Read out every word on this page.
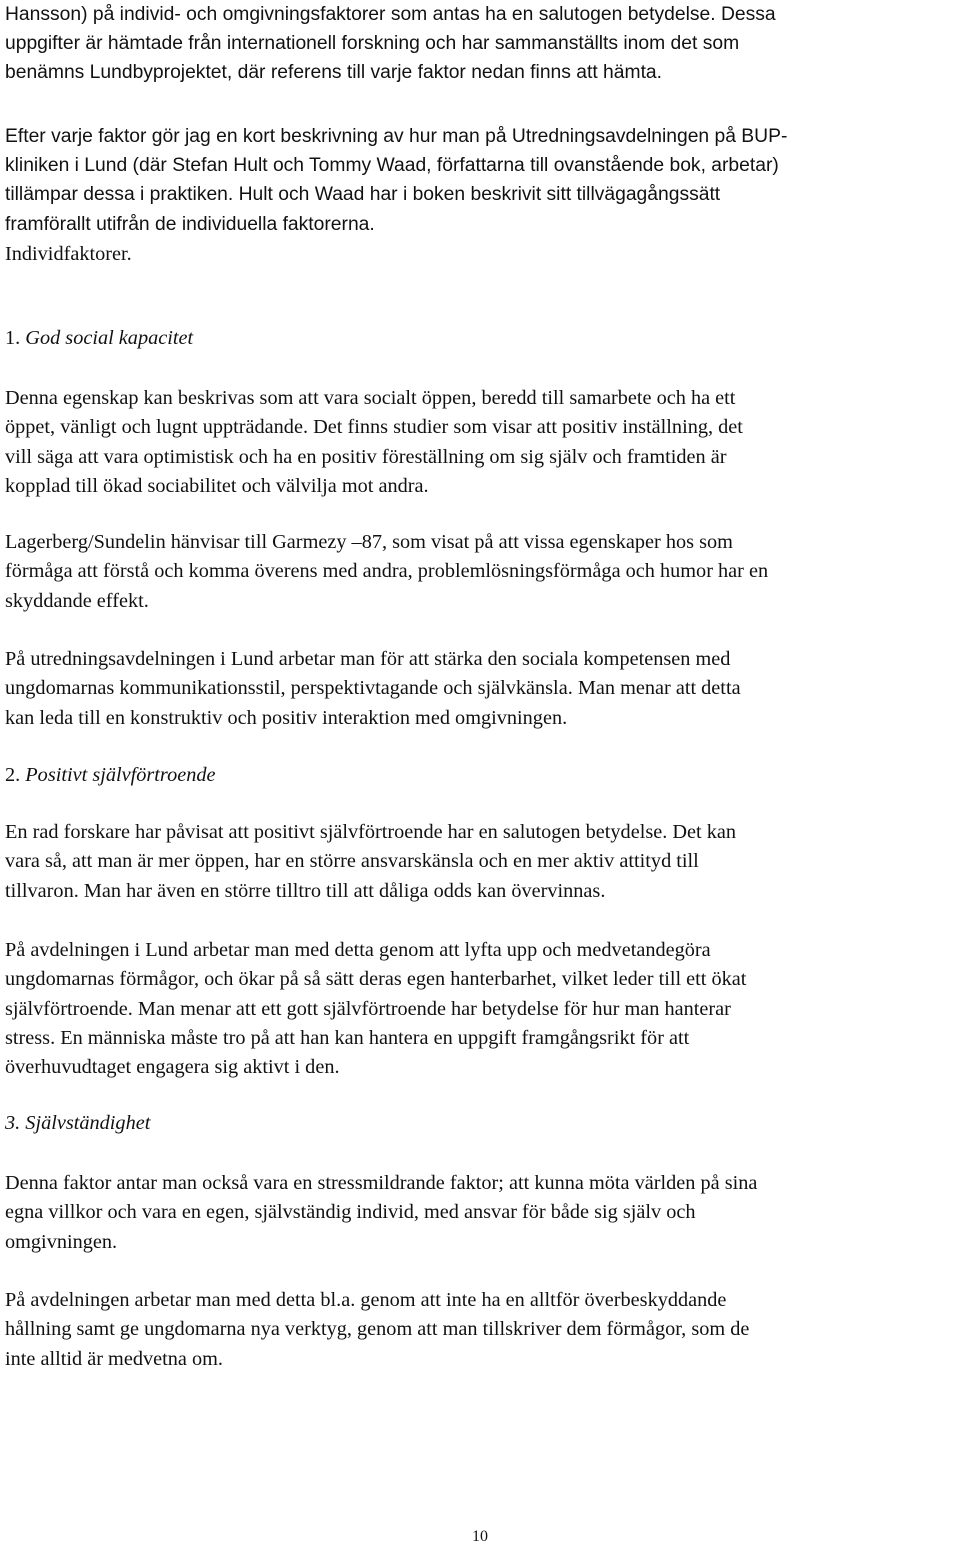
Hansson) på individ- och omgivningsfaktorer som antas ha en salutogen betydelse. Dessa
uppgifter är hämtade från internationell forskning och har sammanställts inom det som
benämns Lundbyprojektet, där referens till varje faktor nedan finns att hämta.

Efter varje faktor gör jag en kort beskrivning av hur man på Utredningsavdelningen på BUP-
kliniken i Lund (där Stefan Hult och Tommy Waad, författarna till ovanstående bok, arbetar)
tillämpar dessa i praktiken. Hult och Waad har i boken beskrivit sitt tillvägagångssätt
framförallt utifrån de individuella faktorerna.

Individfaktorer.

1. God social kapacitet

Denna egenskap kan beskrivas som att vara socialt öppen, beredd till samarbete och ha ett
öppet, vänligt och lugnt uppträdande. Det finns studier som visar att positiv inställning, det
vill säga att vara optimistisk och ha en positiv föreställning om sig själv och framtiden är
kopplad till ökad sociabilitet och välvilja mot andra.

Lagerberg/Sundelin hänvisar till Garmezy –87, som visat på att vissa egenskaper hos som
förmåga att förstå och komma överens med andra, problemlösningsförmåga och humor har en
skyddande effekt.

På utredningsavdelningen i Lund arbetar man för att stärka den sociala kompetensen med
ungdomarnas kommunikationsstil, perspektivtagande och självkänsla. Man menar att detta
kan leda till en konstruktiv och positiv interaktion med omgivningen.

2. Positivt självförtroende

En rad forskare har påvisat att positivt självförtroende har en salutogen betydelse. Det kan
vara så, att man är mer öppen, har en större ansvarskänsla och en mer aktiv attityd till
tillvaron. Man har även en större tilltro till att dåliga odds kan övervinnas.

På avdelningen i Lund arbetar man med detta genom att lyfta upp och medvetandegöra
ungdomarnas förmågor, och ökar på så sätt deras egen hanterbarhet, vilket leder till ett ökat
självförtroende. Man menar att ett gott självförtroende har betydelse för hur man hanterar
stress. En människa måste tro på att han kan hantera en uppgift framgångsrikt för att
överhuvudtaget engagera sig aktivt i den.

3. Självständighet

Denna faktor antar man också vara en stressmildrande faktor; att kunna möta världen på sina
egna villkor och vara en egen, självständig individ, med ansvar för både sig själv och
omgivningen.

På avdelningen arbetar man med detta bl.a. genom att inte ha en alltför överbeskyddande
hållning samt ge ungdomarna nya verktyg, genom att man tillskriver dem förmågor, som de
inte alltid är medvetna om.

10
